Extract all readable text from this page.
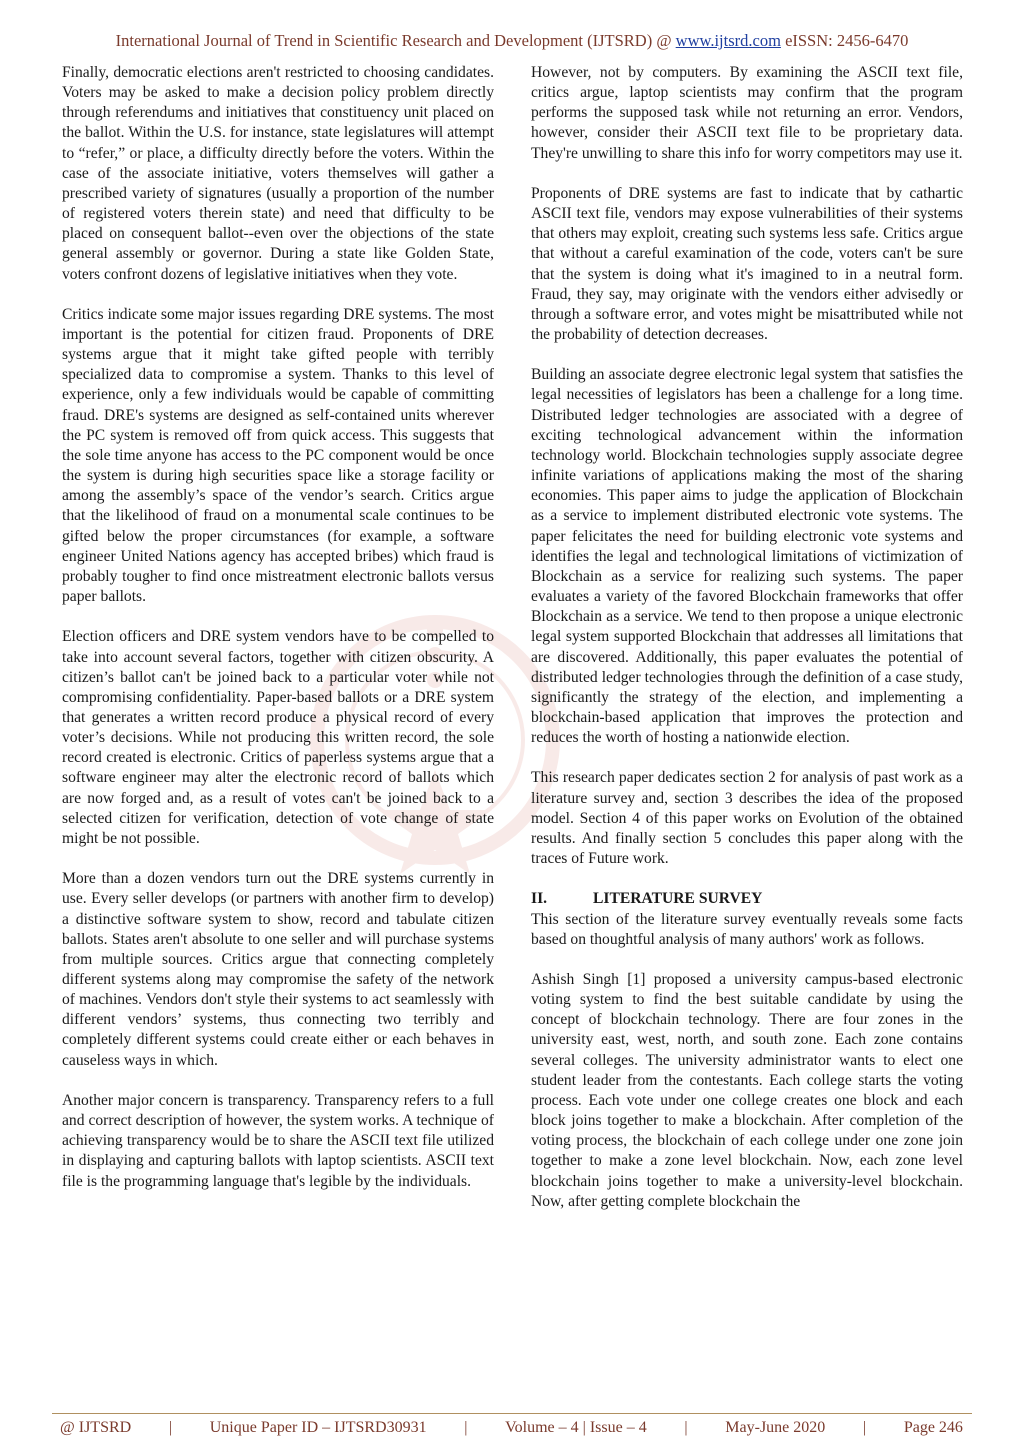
International Journal of Trend in Scientific Research and Development (IJTSRD) @ www.ijtsrd.com eISSN: 2456-6470

Finally, democratic elections aren't restricted to choosing candidates. Voters may be asked to make a decision policy problem directly through referendums and initiatives that constituency unit placed on the ballot. Within the U.S. for instance, state legislatures will attempt to “refer,” or place, a difficulty directly before the voters. Within the case of the associate initiative, voters themselves will gather a prescribed variety of signatures (usually a proportion of the number of registered voters therein state) and need that difficulty to be placed on consequent ballot--even over the objections of the state general assembly or governor. During a state like Golden State, voters confront dozens of legislative initiatives when they vote.

Critics indicate some major issues regarding DRE systems. The most important is the potential for citizen fraud. Proponents of DRE systems argue that it might take gifted people with terribly specialized data to compromise a system. Thanks to this level of experience, only a few individuals would be capable of committing fraud. DRE's systems are designed as self-contained units wherever the PC system is removed off from quick access. This suggests that the sole time anyone has access to the PC component would be once the system is during high securities space like a storage facility or among the assembly’s space of the vendor’s search. Critics argue that the likelihood of fraud on a monumental scale continues to be gifted below the proper circumstances (for example, a software engineer United Nations agency has accepted bribes) which fraud is probably tougher to find once mistreatment electronic ballots versus paper ballots.

Election officers and DRE system vendors have to be compelled to take into account several factors, together with citizen obscurity. A citizen’s ballot can't be joined back to a particular voter while not compromising confidentiality. Paper-based ballots or a DRE system that generates a written record produce a physical record of every voter’s decisions. While not producing this written record, the sole record created is electronic. Critics of paperless systems argue that a software engineer may alter the electronic record of ballots which are now forged and, as a result of votes can't be joined back to a selected citizen for verification, detection of vote change of state might be not possible.

More than a dozen vendors turn out the DRE systems currently in use. Every seller develops (or partners with another firm to develop) a distinctive software system to show, record and tabulate citizen ballots. States aren't absolute to one seller and will purchase systems from multiple sources. Critics argue that connecting completely different systems along may compromise the safety of the network of machines. Vendors don't style their systems to act seamlessly with different vendors’ systems, thus connecting two terribly and completely different systems could create either or each behaves in causeless ways in which.

Another major concern is transparency. Transparency refers to a full and correct description of however, the system works. A technique of achieving transparency would be to share the ASCII text file utilized in displaying and capturing ballots with laptop scientists. ASCII text file is the programming language that's legible by the individuals.

However, not by computers. By examining the ASCII text file, critics argue, laptop scientists may confirm that the program performs the supposed task while not returning an error. Vendors, however, consider their ASCII text file to be proprietary data. They're unwilling to share this info for worry competitors may use it.

Proponents of DRE systems are fast to indicate that by cathartic ASCII text file, vendors may expose vulnerabilities of their systems that others may exploit, creating such systems less safe. Critics argue that without a careful examination of the code, voters can't be sure that the system is doing what it's imagined to in a neutral form. Fraud, they say, may originate with the vendors either advisedly or through a software error, and votes might be misattributed while not the probability of detection decreases.

Building an associate degree electronic legal system that satisfies the legal necessities of legislators has been a challenge for a long time. Distributed ledger technologies are associated with a degree of exciting technological advancement within the information technology world. Blockchain technologies supply associate degree infinite variations of applications making the most of the sharing economies. This paper aims to judge the application of Blockchain as a service to implement distributed electronic vote systems. The paper felicitates the need for building electronic vote systems and identifies the legal and technological limitations of victimization of Blockchain as a service for realizing such systems. The paper evaluates a variety of the favored Blockchain frameworks that offer Blockchain as a service. We tend to then propose a unique electronic legal system supported Blockchain that addresses all limitations that are discovered. Additionally, this paper evaluates the potential of distributed ledger technologies through the definition of a case study, significantly the strategy of the election, and implementing a blockchain-based application that improves the protection and reduces the worth of hosting a nationwide election.

This research paper dedicates section 2 for analysis of past work as a literature survey and, section 3 describes the idea of the proposed model. Section 4 of this paper works on Evolution of the obtained results. And finally section 5 concludes this paper along with the traces of Future work.

II.	LITERATURE SURVEY

This section of the literature survey eventually reveals some facts based on thoughtful analysis of many authors' work as follows.

Ashish Singh [1] proposed a university campus-based electronic voting system to find the best suitable candidate by using the concept of blockchain technology. There are four zones in the university east, west, north, and south zone. Each zone contains several colleges. The university administrator wants to elect one student leader from the contestants. Each college starts the voting process. Each vote under one college creates one block and each block joins together to make a blockchain. After completion of the voting process, the blockchain of each college under one zone join together to make a zone level blockchain. Now, each zone level blockchain joins together to make a university-level blockchain. Now, after getting complete blockchain the

@ IJTSRD | Unique Paper ID – IJTSRD30931 | Volume – 4 | Issue – 4 | May-June 2020 | Page 246
